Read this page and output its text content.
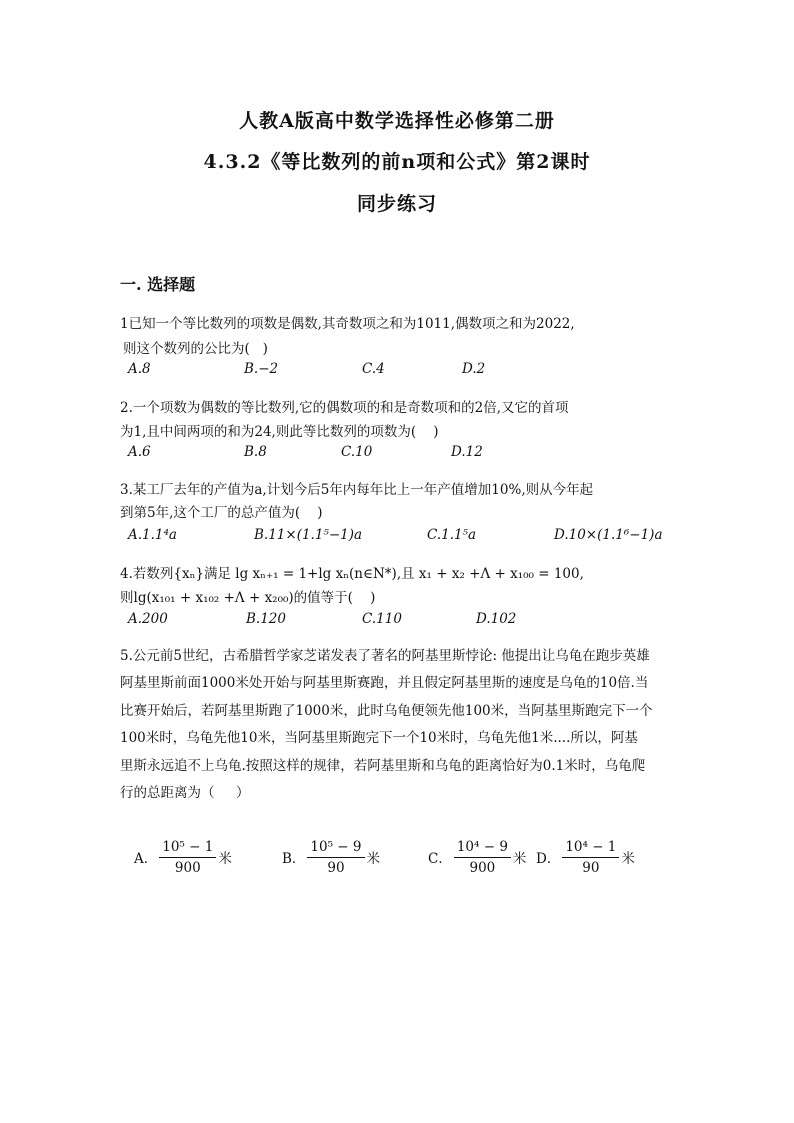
人教A版高中数学选择性必修第二册
4.3.2《等比数列的前n项和公式》第2课时
同步练习
一. 选择题
1已知一个等比数列的项数是偶数,其奇数项之和为1011,偶数项之和为2022,
则这个数列的公比为(   )
A.8	B.−2	C.4	D.2
2.一个项数为偶数的等比数列,它的偶数项的和是奇数项和的2倍,又它的首项
为1,且中间两项的和为24,则此等比数列的项数为(    )
A.6	B.8	C.10	D.12
3.某工厂去年的产值为a,计划今后5年内每年比上一年产值增加10%,则从今年起
到第5年,这个工厂的总产值为(    )
A.1.1⁴a	B.11×(1.1⁵−1)a	C.1.1⁵a	D.10×(1.1⁶−1)a
4.若数列{xₙ}满足 lg xₙ₊₁ = 1+lg xₙ(n∈N*),且 x₁ + x₂ +Λ + x₁₀₀ = 100,
则lg(x₁₀₁ + x₁₀₂ +Λ + x₂₀₀)的值等于(    )
A.200	B.120	C.110	D.102
5.公元前5世纪，古希腊哲学家芝诺发表了著名的阿基里斯悖论: 他提出让乌龟在跑步英雄
阿基里斯前面1000米处开始与阿基里斯赛跑，并且假定阿基里斯的速度是乌龟的10倍.当
比赛开始后，若阿基里斯跑了1000米，此时乌龟便领先他100米，当阿基里斯跑完下一个
100米时，乌龟先他10米，当阿基里斯跑完下一个10米时，乌龟先他1米....所以，阿基
里斯永远追不上乌龟.按照这样的规律，若阿基里斯和乌龟的距离恰好为0.1米时，乌龟爬
行的总距离为（     ）
A． $\frac{\text{10⁵ − 1}}{900}$ 米	B． $\frac{\text{10⁵ − 9}}{90}$ 米	C． $\frac{\text{10⁴ − 9}}{900}$ 米 D． $\frac{\text{10⁴ − 1}}{90}$ 米
